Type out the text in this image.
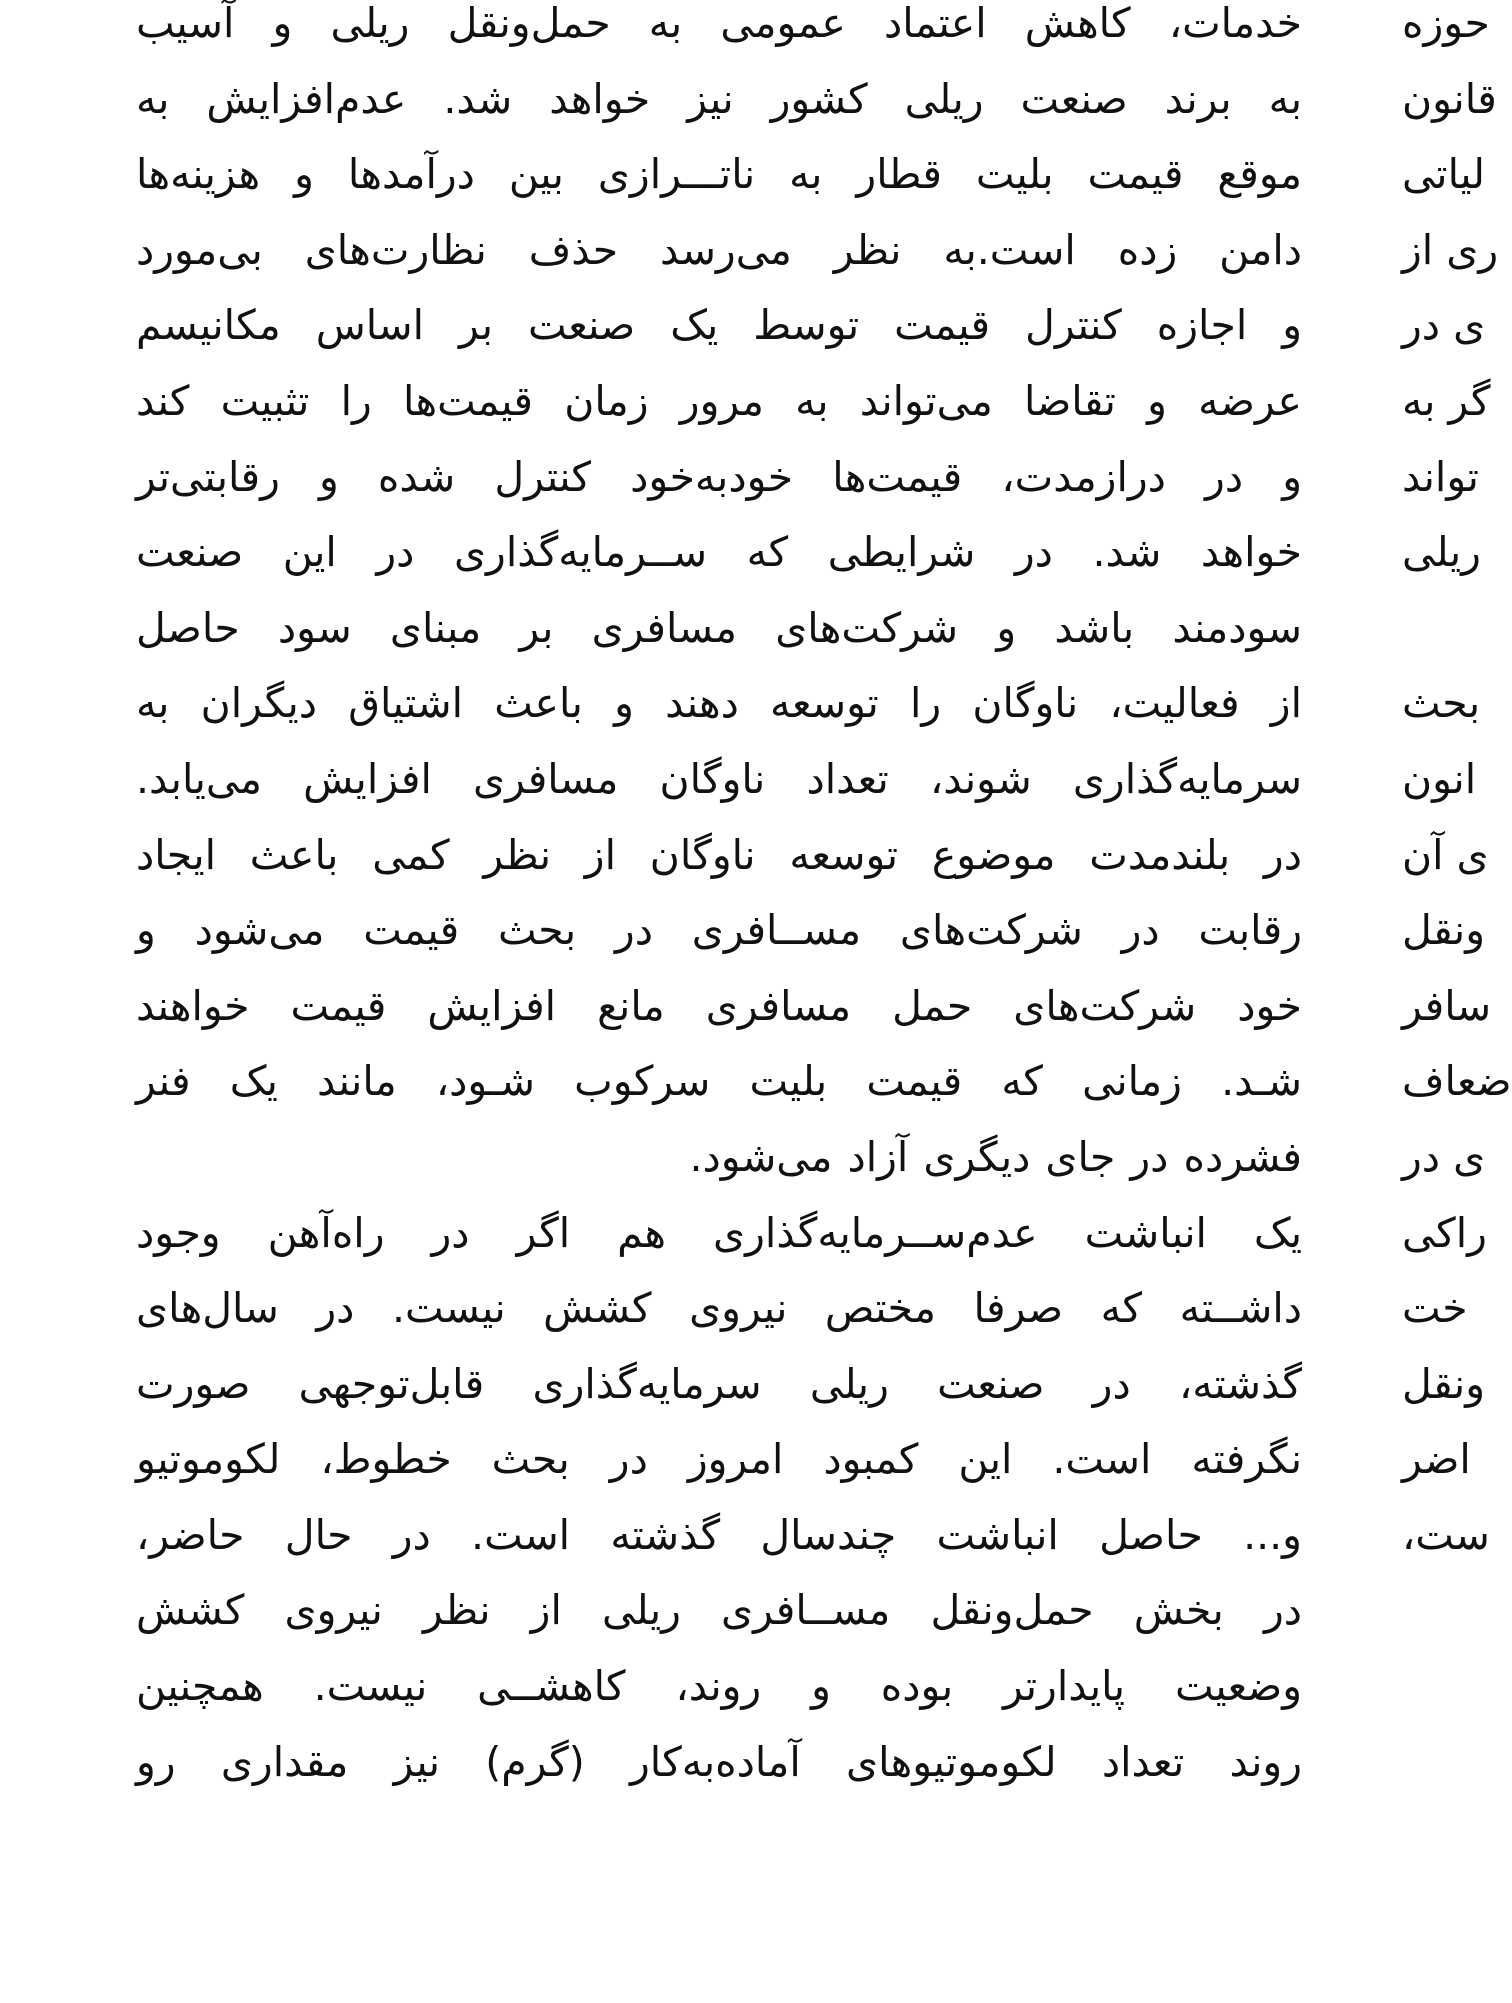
خدمات، کاهش اعتماد عمومی به حمل‌ونقل ریلی و آسیب
به برند صنعت ریلی کشور نیز خواهد شد. عدم‌افزایش به
موقع قیمت بلیت قطار به ناتـــرازی بین درآمدها و هزینه‌ها
دامن زده است.به نظر می‌رسد حذف نظارت‌های بی‌مورد
و اجازه کنترل قیمت توسط یک صنعت بر اساس مکانیسم
عرضه و تقاضا می‌تواند به مرور زمان قیمت‌ها را تثبیت کند
و در درازمدت، قیمت‌ها خودبه‌خود کنترل شده و رقابتی‌تر
خواهد شد. در شرایطی که ســرمایه‌گذاری در این صنعت
سودمند باشد و شرکت‌های مسافری بر مبنای سود حاصل
از فعالیت، ناوگان را توسعه دهند و باعث اشتیاق دیگران به
سرمایه‌گذاری شوند، تعداد ناوگان مسافری افزایش می‌یابد.
در بلندمدت موضوع توسعه ناوگان از نظر کمی باعث ایجاد
رقابت در شرکت‌های مســافری در بحث قیمت می‌شود و
خود شرکت‌های حمل مسافری مانع افزایش قیمت خواهند
شـد. زمانی که قیمت بلیت سرکوب شـود، مانند یک فنر
فشرده در جای دیگری آزاد می‌شود.
یک انباشت عدم‌ســرمایه‌گذاری هم اگر در راه‌آهن وجود
داشــته که صرفا مختص نیروی کشش نیست. در سال‌های
گذشته، در صنعت ریلی سرمایه‌گذاری قابل‌توجهی صورت
نگرفته است. این کمبود امروز در بحث خطوط، لکوموتیو
و... حاصل انباشت چندسال گذشته است. در حال حاضر،
در بخش حمل‌ونقل مســافری ریلی از نظر نیروی کشش
وضعیت پایدارتر بوده و روند، کاهشــی نیست. همچنین
روند تعداد لکوموتیوهای آماده‌به‌کار (گرم) نیز مقداری رو
حوزه
قانون
لیاتی
ری از
ی در
گر به
تواند
ریلی
بحث
انون
ی آن
ونقل
سافر
ضعاف
ی در
راکی
خت
ونقل
اضر
ست،
